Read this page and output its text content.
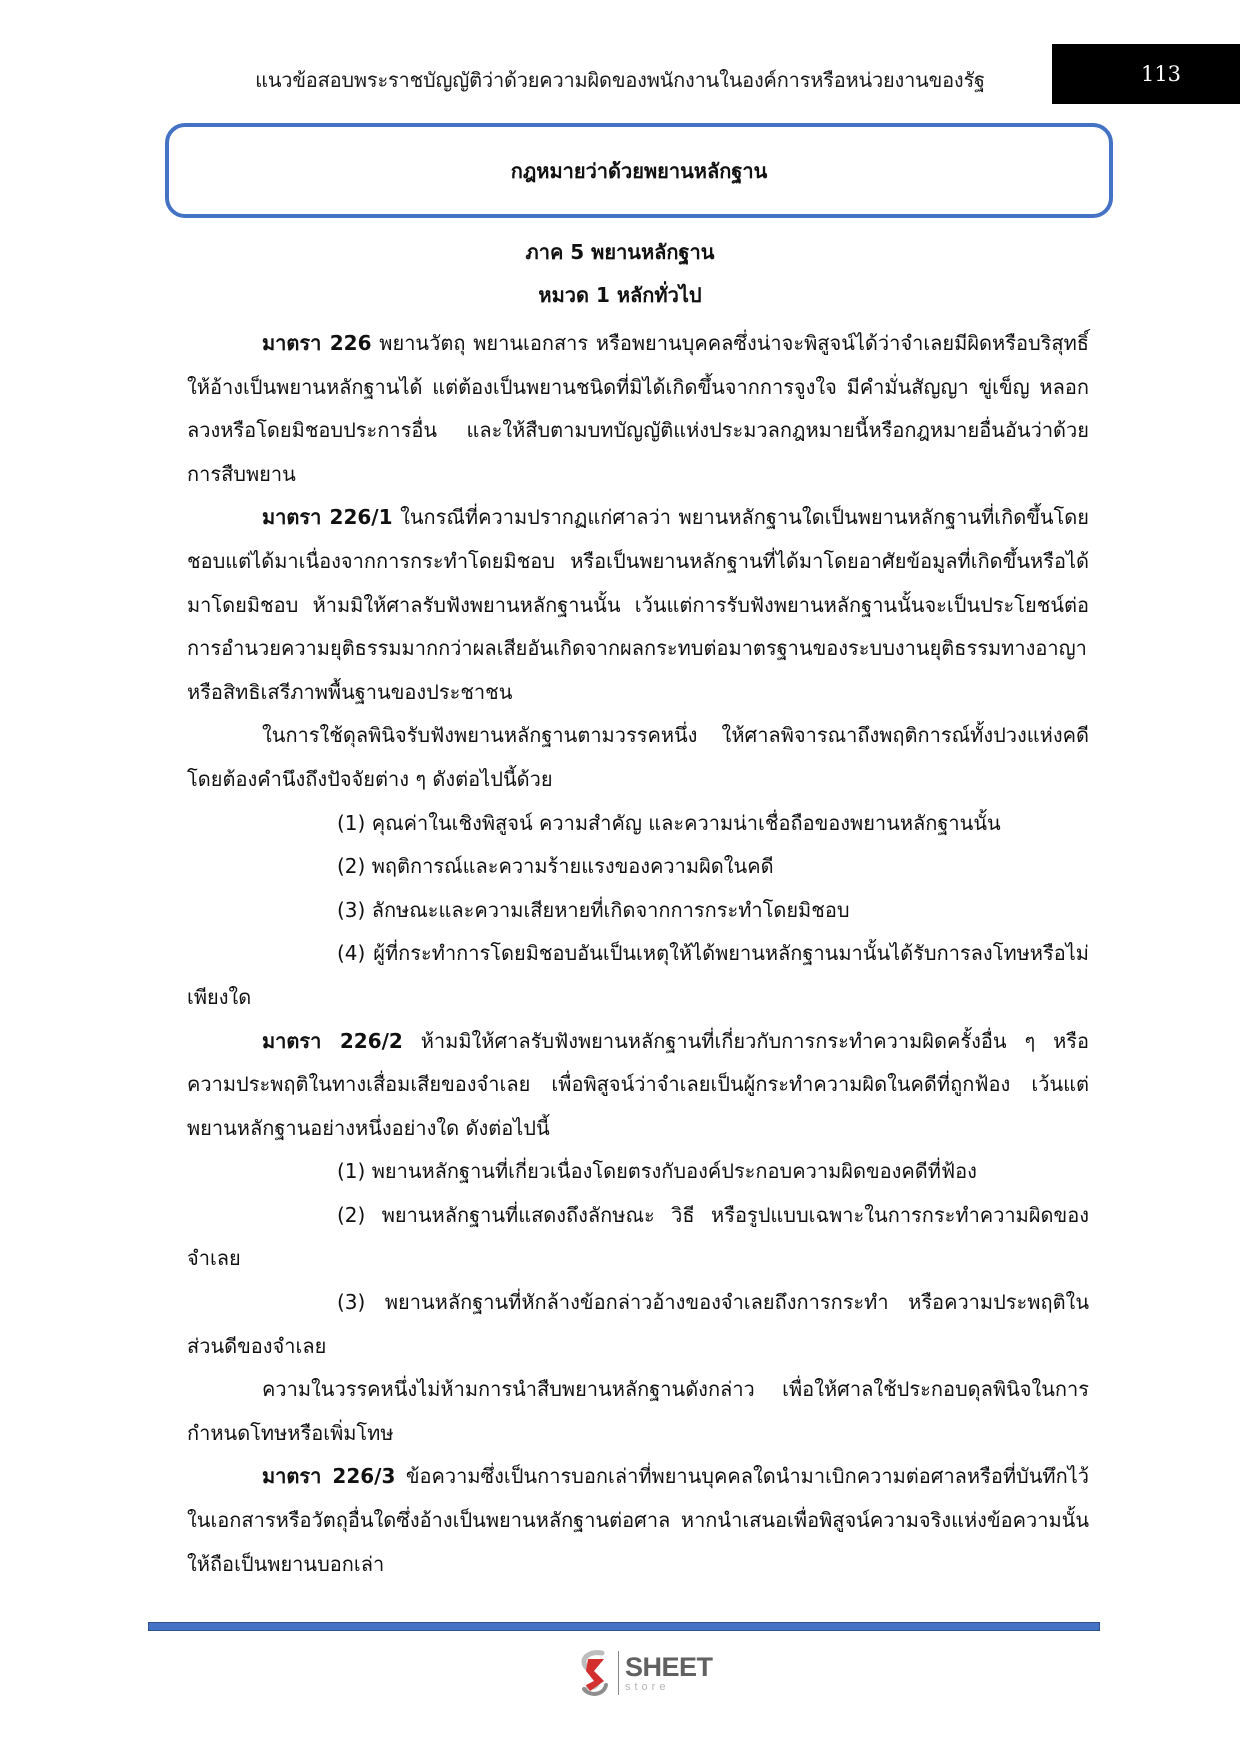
แนวข้อสอบพระราชบัญญัติว่าด้วยความผิดของพนักงานในองค์การหรือหน่วยงานของรัฐ	113
กฎหมายว่าด้วยพยานหลักฐาน
ภาค 5 พยานหลักฐาน
หมวด 1 หลักทั่วไป

มาตรา 226 พยานวัตถุ พยานเอกสาร หรือพยานบุคคลซึ่งน่าจะพิสูจน์ได้ว่าจำเลยมีผิดหรือบริสุทธิ์ ให้อ้างเป็นพยานหลักฐานได้ แต่ต้องเป็นพยานชนิดที่มิได้เกิดขึ้นจากการจูงใจ มีคำมั่นสัญญา ขู่เข็ญ หลอกลวงหรือโดยมิชอบประการอื่น และให้สืบตามบทบัญญัติแห่งประมวลกฎหมายนี้หรือกฎหมายอื่นอันว่าด้วยการสืบพยาน

มาตรา 226/1 ในกรณีที่ความปรากฏแก่ศาลว่า พยานหลักฐานใดเป็นพยานหลักฐานที่เกิดขึ้นโดยชอบแต่ได้มาเนื่องจากการกระทำโดยมิชอบ หรือเป็นพยานหลักฐานที่ได้มาโดยอาศัยข้อมูลที่เกิดขึ้นหรือได้มาโดยมิชอบ ห้ามมิให้ศาลรับฟังพยานหลักฐานนั้น เว้นแต่การรับฟังพยานหลักฐานนั้นจะเป็นประโยชน์ต่อการอำนวยความยุติธรรมมากกว่าผลเสียอันเกิดจากผลกระทบต่อมาตรฐานของระบบงานยุติธรรมทางอาญาหรือสิทธิเสรีภาพพื้นฐานของประชาชน

ในการใช้ดุลพินิจรับฟังพยานหลักฐานตามวรรคหนึ่ง ให้ศาลพิจารณาถึงพฤติการณ์ทั้งปวงแห่งคดีโดยต้องคำนึงถึงปัจจัยต่าง ๆ ดังต่อไปนี้ด้วย

(1) คุณค่าในเชิงพิสูจน์ ความสำคัญ และความน่าเชื่อถือของพยานหลักฐานนั้น

(2) พฤติการณ์และความร้ายแรงของความผิดในคดี

(3) ลักษณะและความเสียหายที่เกิดจากการกระทำโดยมิชอบ

(4) ผู้ที่กระทำการโดยมิชอบอันเป็นเหตุให้ได้พยานหลักฐานมานั้นได้รับการลงโทษหรือไม่เพียงใด

มาตรา 226/2 ห้ามมิให้ศาลรับฟังพยานหลักฐานที่เกี่ยวกับการกระทำความผิดครั้งอื่น ๆ หรือความประพฤติในทางเสื่อมเสียของจำเลย เพื่อพิสูจน์ว่าจำเลยเป็นผู้กระทำความผิดในคดีที่ถูกฟ้อง เว้นแต่พยานหลักฐานอย่างหนึ่งอย่างใด ดังต่อไปนี้

(1) พยานหลักฐานที่เกี่ยวเนื่องโดยตรงกับองค์ประกอบความผิดของคดีที่ฟ้อง

(2) พยานหลักฐานที่แสดงถึงลักษณะ วิธี หรือรูปแบบเฉพาะในการกระทำความผิดของจำเลย

(3) พยานหลักฐานที่หักล้างข้อกล่าวอ้างของจำเลยถึงการกระทำ หรือความประพฤติในส่วนดีของจำเลย

ความในวรรคหนึ่งไม่ห้ามการนำสืบพยานหลักฐานดังกล่าว เพื่อให้ศาลใช้ประกอบดุลพินิจในการกำหนดโทษหรือเพิ่มโทษ

มาตรา 226/3 ข้อความซึ่งเป็นการบอกเล่าที่พยานบุคคลใดนำมาเบิกความต่อศาลหรือที่บันทึกไว้ในเอกสารหรือวัตถุอื่นใดซึ่งอ้างเป็นพยานหลักฐานต่อศาล หากนำเสนอเพื่อพิสูจน์ความจริงแห่งข้อความนั้น ให้ถือเป็นพยานบอกเล่า

SHEET
store
